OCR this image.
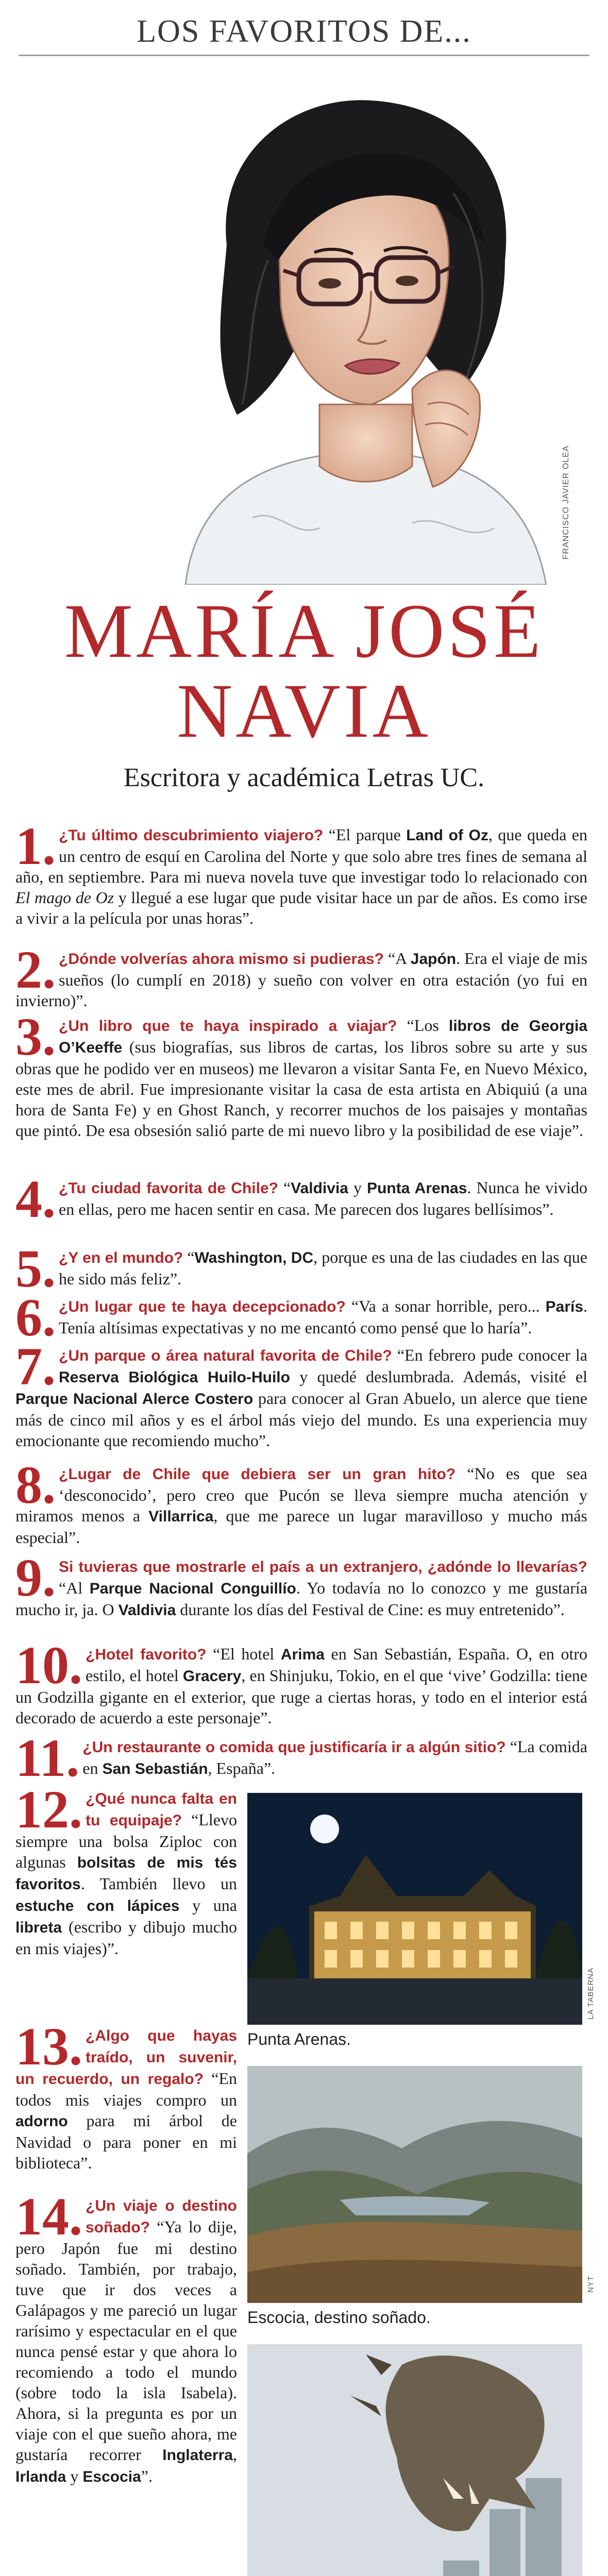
LOS FAVORITOS DE...
FRANCISCO JAVIER OLEA
MARÍA JOSÉ
NAVIA
Escritora y académica Letras UC.
1. ¿Tu último descubrimiento viajero? “El parque Land of Oz, que queda en un centro de esquí en Carolina del Norte y que solo abre tres fines de semana al año, en septiembre. Para mi nueva novela tuve que investigar todo lo relacionado con El mago de Oz y llegué a ese lugar que pude visitar hace un par de años. Es como irse a vivir a la película por unas horas”.
2. ¿Dónde volverías ahora mismo si pudieras? “A Japón. Era el viaje de mis sueños (lo cumplí en 2018) y sueño con volver en otra estación (yo fui en invierno)”.
3. ¿Un libro que te haya inspirado a viajar? “Los libros de Georgia O’Keeffe (sus biografías, sus libros de cartas, los libros sobre su arte y sus obras que he podido ver en museos) me llevaron a visitar Santa Fe, en Nuevo México, este mes de abril. Fue impresionante visitar la casa de esta artista en Abiquiú (a una hora de Santa Fe) y en Ghost Ranch, y recorrer muchos de los paisajes y montañas que pintó. De esa obsesión salió parte de mi nuevo libro y la posibilidad de ese viaje”.
4. ¿Tu ciudad favorita de Chile? “Valdivia y Punta Arenas. Nunca he vivido en ellas, pero me hacen sentir en casa. Me parecen dos lugares bellísimos”.
5. ¿Y en el mundo? “Washington, DC, porque es una de las ciudades en las que he sido más feliz”.
6. ¿Un lugar que te haya decepcionado? “Va a sonar horrible, pero... París. Tenía altísimas expectativas y no me encantó como pensé que lo haría”.
7. ¿Un parque o área natural favorita de Chile? “En febrero pude conocer la Reserva Biológica Huilo-Huilo y quedé deslumbrada. Además, visité el Parque Nacional Alerce Costero para conocer al Gran Abuelo, un alerce que tiene más de cinco mil años y es el árbol más viejo del mundo. Es una experiencia muy emocionante que recomiendo mucho”.
8. ¿Lugar de Chile que debiera ser un gran hito? “No es que sea ‘desconocido’, pero creo que Pucón se lleva siempre mucha atención y miramos menos a Villarrica, que me parece un lugar maravilloso y mucho más especial”.
9. Si tuvieras que mostrarle el país a un extranjero, ¿adónde lo llevarías? “Al Parque Nacional Conguillío. Yo todavía no lo conozco y me gustaría mucho ir, ja. O Valdivia durante los días del Festival de Cine: es muy entretenido”.
10. ¿Hotel favorito? “El hotel Arima en San Sebastián, España. O, en otro estilo, el hotel Gracery, en Shinjuku, Tokio, en el que ‘vive’ Godzilla: tiene un Godzilla gigante en el exterior, que ruge a ciertas horas, y todo en el interior está decorado de acuerdo a este personaje”.
11. ¿Un restaurante o comida que justificaría ir a algún sitio? “La comida en San Sebastián, España”.
12. ¿Qué nunca falta en tu equipaje? “Llevo siempre una bolsa Ziploc con algunas bolsitas de mis tés favoritos. También llevo un estuche con lápices y una libreta (escribo y dibujo mucho en mis viajes)”.
13. ¿Algo que hayas traído, un suvenir, un recuerdo, un regalo? “En todos mis viajes compro un adorno para mi árbol de Navidad o para poner en mi biblioteca”.
14. ¿Un viaje o destino soñado? “Ya lo dije, pero Japón fue mi destino soñado. También, por trabajo, tuve que ir dos veces a Galápagos y me pareció un lugar rarísimo y espectacular en el que nunca pensé estar y que ahora lo recomiendo a todo el mundo (sobre todo la isla Isabela). Ahora, si la pregunta es por un viaje con el que sueño ahora, me gustaría recorrer Inglaterra, Irlanda y Escocia”.
LA TABERNA
Punta Arenas.
NYT
Escocia, destino soñado.
